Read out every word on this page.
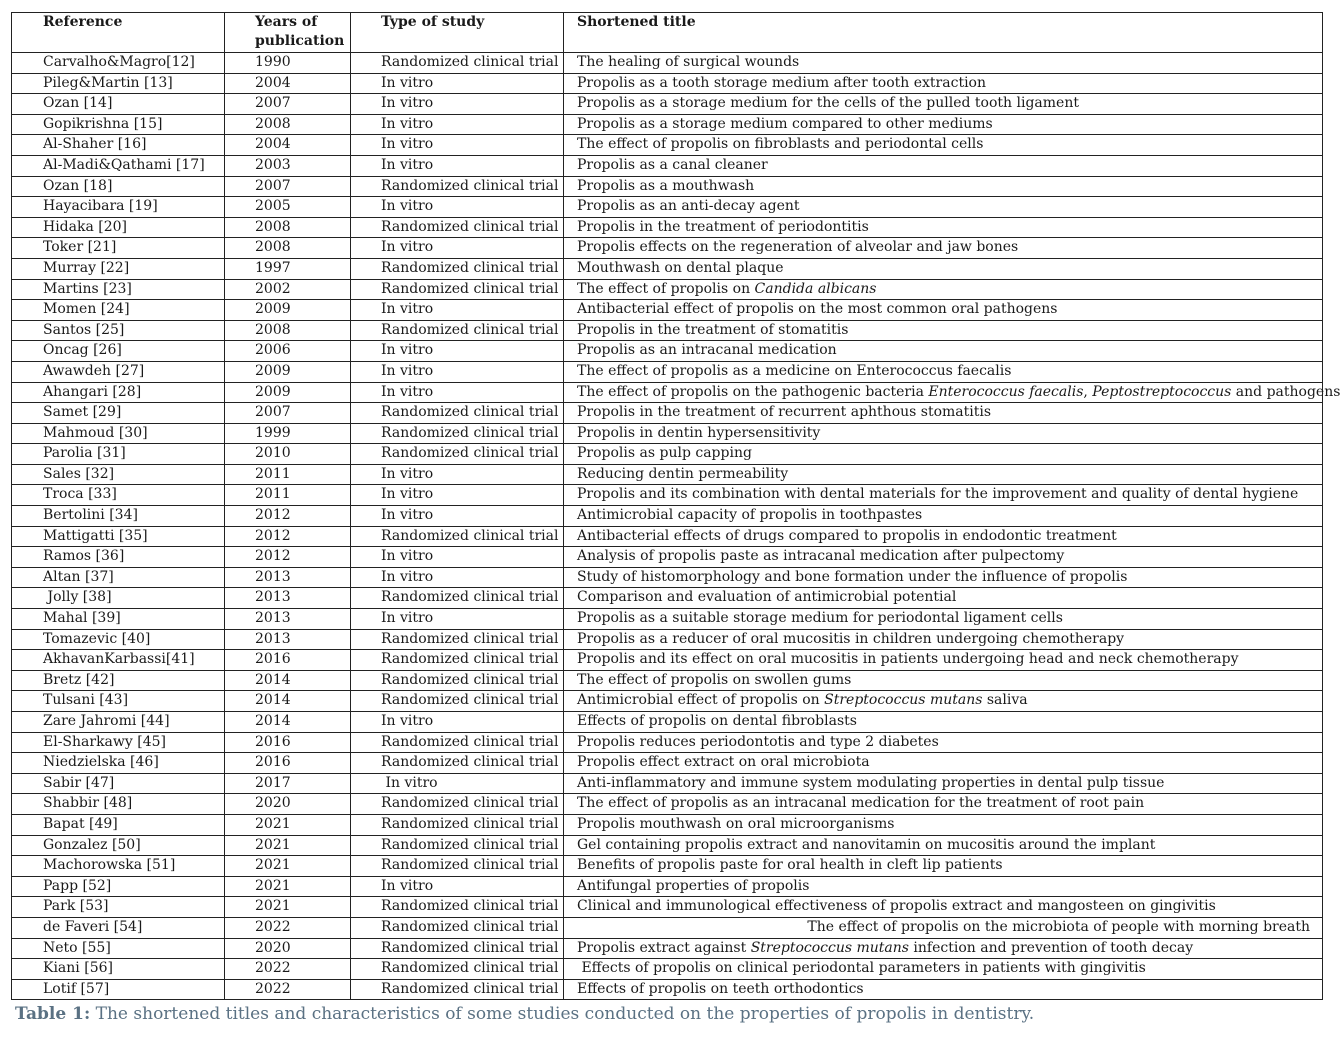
Reference	Years of publication	Type of study	Shortened title
Carvalho&Magro[12]	1990	Randomized clinical trial	The healing of surgical wounds
Pileg&Martin [13]	2004	In vitro	Propolis as a tooth storage medium after tooth extraction
Ozan [14]	2007	In vitro	Propolis as a storage medium for the cells of the pulled tooth ligament
Gopikrishna [15]	2008	In vitro	Propolis as a storage medium compared to other mediums
Al-Shaher [16]	2004	In vitro	The effect of propolis on fibroblasts and periodontal cells
Al-Madi&Qathami [17]	2003	In vitro	Propolis as a canal cleaner
Ozan [18]	2007	Randomized clinical trial	Propolis as a mouthwash
Hayacibara [19]	2005	In vitro	Propolis as an anti-decay agent
Hidaka [20]	2008	Randomized clinical trial	Propolis in the treatment of periodontitis
Toker [21]	2008	In vitro	Propolis effects on the regeneration of alveolar and jaw bones
Murray [22]	1997	Randomized clinical trial	Mouthwash on dental plaque
Martins [23]	2002	Randomized clinical trial	The effect of propolis on Candida albicans
Momen [24]	2009	In vitro	Antibacterial effect of propolis on the most common oral pathogens
Santos [25]	2008	Randomized clinical trial	Propolis in the treatment of stomatitis
Oncag [26]	2006	In vitro	Propolis as an intracanal medication
Awawdeh [27]	2009	In vitro	The effect of propolis as a medicine on Enterococcus faecalis
Ahangari [28]	2009	In vitro	The effect of propolis on the pathogenic bacteria Enterococcus faecalis, Peptostreptococcus and pathogens
Samet [29]	2007	Randomized clinical trial	Propolis in the treatment of recurrent aphthous stomatitis
Mahmoud [30]	1999	Randomized clinical trial	Propolis in dentin hypersensitivity
Parolia [31]	2010	Randomized clinical trial	Propolis as pulp capping
Sales [32]	2011	In vitro	Reducing dentin permeability
Troca [33]	2011	In vitro	Propolis and its combination with dental materials for the improvement and quality of dental hygiene
Bertolini [34]	2012	In vitro	Antimicrobial capacity of propolis in toothpastes
Mattigatti [35]	2012	Randomized clinical trial	Antibacterial effects of drugs compared to propolis in endodontic treatment
Ramos [36]	2012	In vitro	Analysis of propolis paste as intracanal medication after pulpectomy
Altan [37]	2013	In vitro	Study of histomorphology and bone formation under the influence of propolis
Jolly [38]	2013	Randomized clinical trial	Comparison and evaluation of antimicrobial potential
Mahal [39]	2013	In vitro	Propolis as a suitable storage medium for periodontal ligament cells
Tomazevic [40]	2013	Randomized clinical trial	Propolis as a reducer of oral mucositis in children undergoing chemotherapy
AkhavanKarbassi[41]	2016	Randomized clinical trial	Propolis and its effect on oral mucositis in patients undergoing head and neck chemotherapy
Bretz [42]	2014	Randomized clinical trial	The effect of propolis on swollen gums
Tulsani [43]	2014	Randomized clinical trial	Antimicrobial effect of propolis on Streptococcus mutans saliva
Zare Jahromi [44]	2014	In vitro	Effects of propolis on dental fibroblasts
El-Sharkawy [45]	2016	Randomized clinical trial	Propolis reduces periodontotis and type 2 diabetes
Niedzielska [46]	2016	Randomized clinical trial	Propolis effect extract on oral microbiota
Sabir [47]	2017	In vitro	Anti-inflammatory and immune system modulating properties in dental pulp tissue
Shabbir [48]	2020	Randomized clinical trial	The effect of propolis as an intracanal medication for the treatment of root pain
Bapat [49]	2021	Randomized clinical trial	Propolis mouthwash on oral microorganisms
Gonzalez [50]	2021	Randomized clinical trial	Gel containing propolis extract and nanovitamin on mucositis around the implant
Machorowska [51]	2021	Randomized clinical trial	Benefits of propolis paste for oral health in cleft lip patients
Papp [52]	2021	In vitro	Antifungal properties of propolis
Park [53]	2021	Randomized clinical trial	Clinical and immunological effectiveness of propolis extract and mangosteen on gingivitis
de Faveri [54]	2022	Randomized clinical trial	The effect of propolis on the microbiota of people with morning breath
Neto [55]	2020	Randomized clinical trial	Propolis extract against Streptococcus mutans infection and prevention of tooth decay
Kiani [56]	2022	Randomized clinical trial	Effects of propolis on clinical periodontal parameters in patients with gingivitis
Lotif [57]	2022	Randomized clinical trial	Effects of propolis on teeth orthodontics
Table 1: The shortened titles and characteristics of some studies conducted on the properties of propolis in dentistry.
